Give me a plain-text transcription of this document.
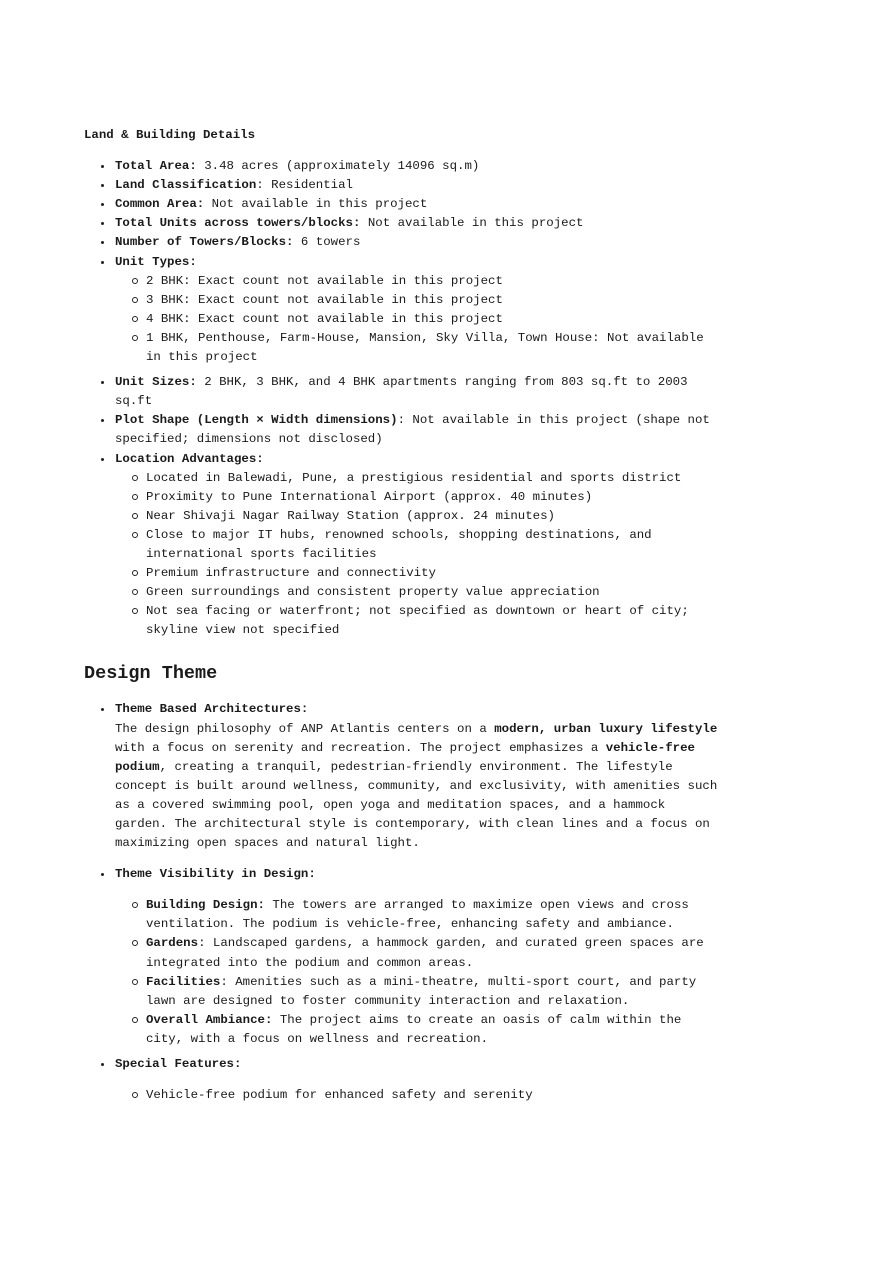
Land & Building Details
Total Area: 3.48 acres (approximately 14096 sq.m)
Land Classification: Residential
Common Area: Not available in this project
Total Units across towers/blocks: Not available in this project
Number of Towers/Blocks: 6 towers
Unit Types:
2 BHK: Exact count not available in this project
3 BHK: Exact count not available in this project
4 BHK: Exact count not available in this project
1 BHK, Penthouse, Farm-House, Mansion, Sky Villa, Town House: Not available in this project
Unit Sizes: 2 BHK, 3 BHK, and 4 BHK apartments ranging from 803 sq.ft to 2003 sq.ft
Plot Shape (Length × Width dimensions): Not available in this project (shape not specified; dimensions not disclosed)
Location Advantages:
Located in Balewadi, Pune, a prestigious residential and sports district
Proximity to Pune International Airport (approx. 40 minutes)
Near Shivaji Nagar Railway Station (approx. 24 minutes)
Close to major IT hubs, renowned schools, shopping destinations, and international sports facilities
Premium infrastructure and connectivity
Green surroundings and consistent property value appreciation
Not sea facing or waterfront; not specified as downtown or heart of city; skyline view not specified
Design Theme
Theme Based Architectures:
The design philosophy of ANP Atlantis centers on a modern, urban luxury lifestyle with a focus on serenity and recreation. The project emphasizes a vehicle-free podium, creating a tranquil, pedestrian-friendly environment. The lifestyle concept is built around wellness, community, and exclusivity, with amenities such as a covered swimming pool, open yoga and meditation spaces, and a hammock garden. The architectural style is contemporary, with clean lines and a focus on maximizing open spaces and natural light.
Theme Visibility in Design:
Building Design: The towers are arranged to maximize open views and cross ventilation. The podium is vehicle-free, enhancing safety and ambiance.
Gardens: Landscaped gardens, a hammock garden, and curated green spaces are integrated into the podium and common areas.
Facilities: Amenities such as a mini-theatre, multi-sport court, and party lawn are designed to foster community interaction and relaxation.
Overall Ambiance: The project aims to create an oasis of calm within the city, with a focus on wellness and recreation.
Special Features:
Vehicle-free podium for enhanced safety and serenity
